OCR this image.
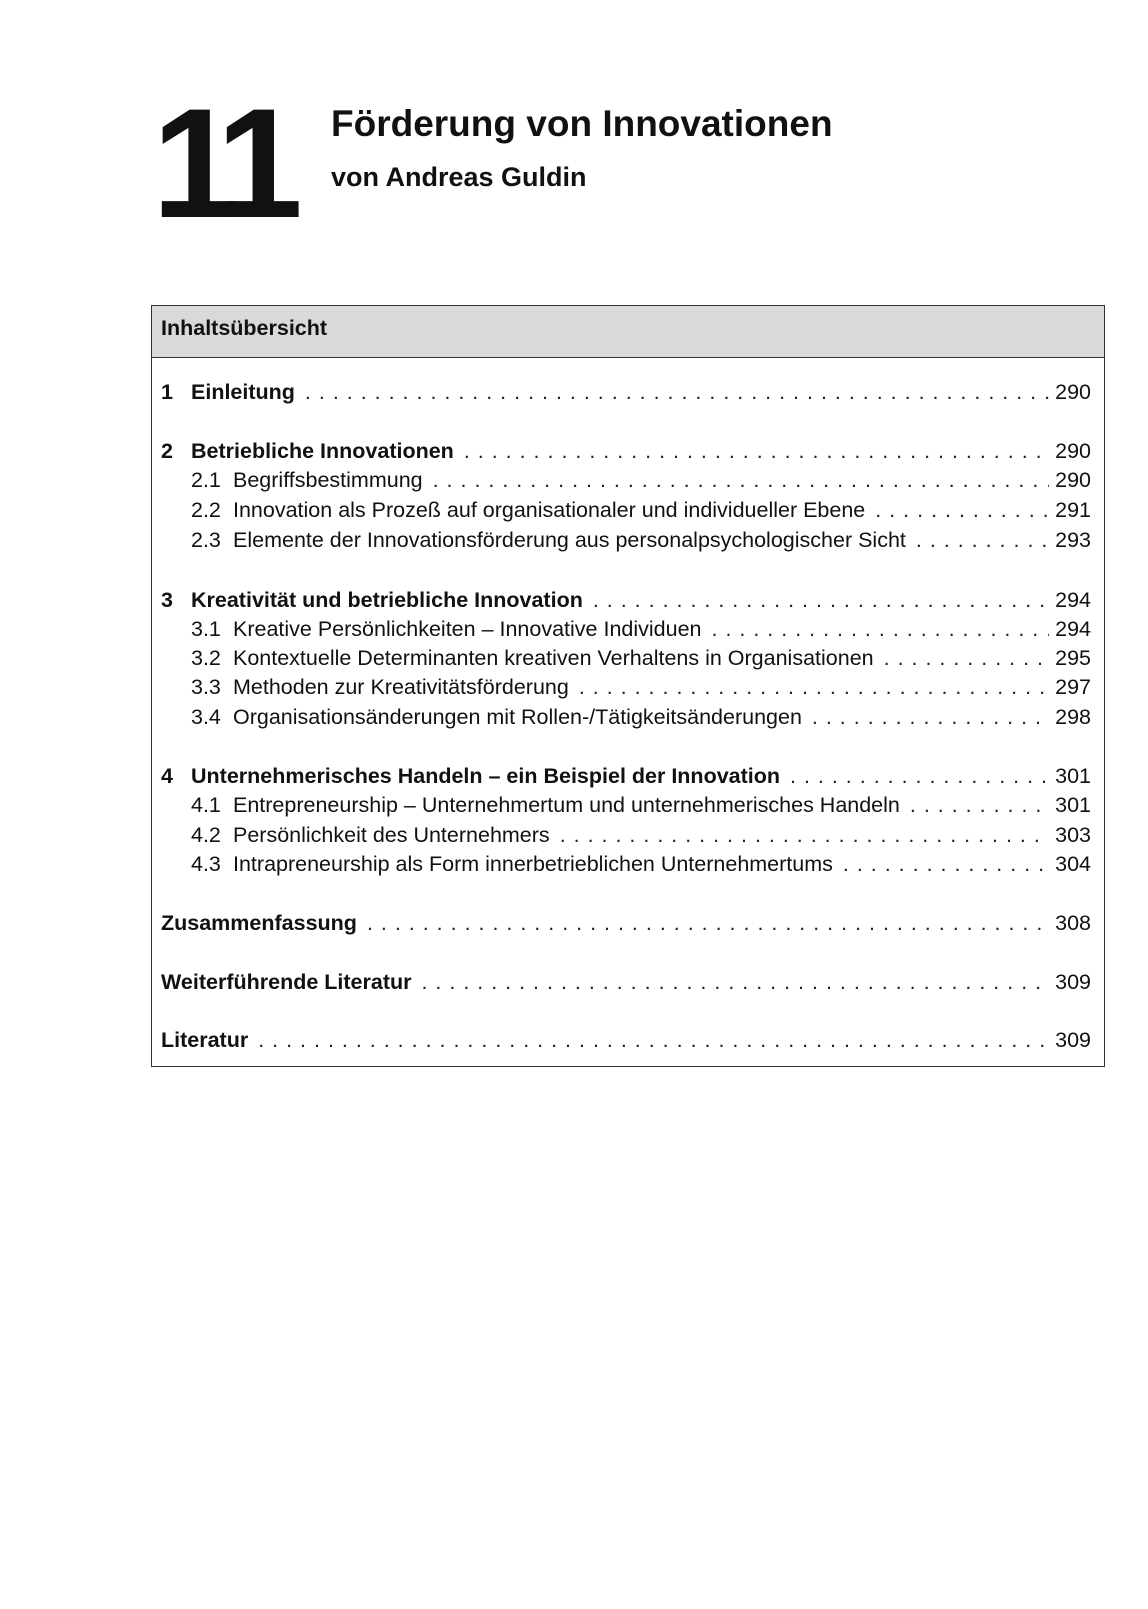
11 Förderung von Innovationen
von Andreas Guldin
Inhaltsübersicht
1 Einleitung . . .	290
2 Betriebliche Innovationen . . .	290
2.1 Begriffsbestimmung . . .	290
2.2 Innovation als Prozeß auf organisationaler und individueller Ebene . . .	291
2.3 Elemente der Innovationsförderung aus personalpsychologischer Sicht . . .	293
3 Kreativität und betriebliche Innovation . . .	294
3.1 Kreative Persönlichkeiten – Innovative Individuen . . .	294
3.2 Kontextuelle Determinanten kreativen Verhaltens in Organisationen . . .	295
3.3 Methoden zur Kreativitätsförderung . . .	297
3.4 Organisationsänderungen mit Rollen-/Tätigkeitsänderungen . . .	298
4 Unternehmerisches Handeln – ein Beispiel der Innovation . . .	301
4.1 Entrepreneurship – Unternehmertum und unternehmerisches Handeln . . .	301
4.2 Persönlichkeit des Unternehmers . . .	303
4.3 Intrapreneurship als Form innerbetrieblichen Unternehmertums . . .	304
Zusammenfassung . . .	308
Weiterführende Literatur . . .	309
Literatur . . .	309
